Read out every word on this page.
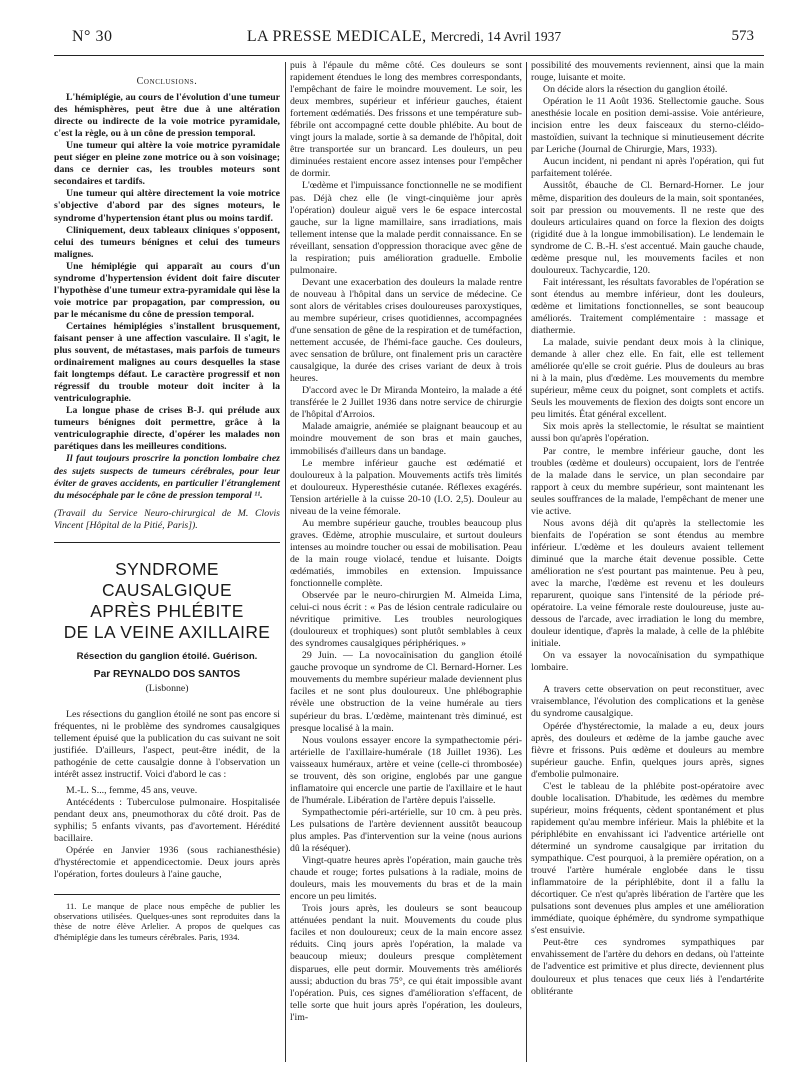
N° 30	LA PRESSE MEDICALE, Mercredi, 14 Avril 1937	573

Conclusions.

L'hémiplégie, au cours de l'évolution d'une tumeur des hémisphères, peut être due à une altération directe ou indirecte de la voie motrice pyramidale, c'est la règle, ou à un cône de pression temporal.

Une tumeur qui altère la voie motrice pyramidale peut siéger en pleine zone motrice ou à son voisinage; dans ce dernier cas, les troubles moteurs sont secondaires et tardifs.

Une tumeur qui altère directement la voie motrice s'objective d'abord par des signes moteurs, le syndrome d'hypertension étant plus ou moins tardif.

Cliniquement, deux tableaux cliniques s'opposent, celui des tumeurs bénignes et celui des tumeurs malignes.

Une hémiplégie qui apparaît au cours d'un syndrome d'hypertension évident doit faire discuter l'hypothèse d'une tumeur extra-pyramidale qui lèse la voie motrice par propagation, par compression, ou par le mécanisme du cône de pression temporal.

Certaines hémiplégies s'installent brusquement, faisant penser à une affection vasculaire. Il s'agit, le plus souvent, de métastases, mais parfois de tumeurs ordinairement malignes au cours desquelles la stase fait longtemps défaut. Le caractère progressif et non régressif du trouble moteur doit inciter à la ventriculographie.

La longue phase de crises B-J. qui prélude aux tumeurs bénignes doit permettre, grâce à la ventriculographie directe, d'opérer les malades non parétiques dans les meilleures conditions.

Il faut toujours proscrire la ponction lombaire chez des sujets suspects de tumeurs cérébrales, pour leur éviter de graves accidents, en particulier l'étranglement du mésocéphale par le cône de pression temporal ¹¹.

(Travail du Service Neuro-chirurgical de M. Clovis Vincent [Hôpital de la Pitié, Paris]).

SYNDROME CAUSALGIQUE

APRÈS PHLÉBITE

DE LA VEINE AXILLAIRE

Résection du ganglion étoilé. Guérison.

Par REYNALDO DOS SANTOS

(Lisbonne)

Les résections du ganglion étoilé ne sont pas encore si fréquentes, ni le problème des syndromes causalgiques tellement épuisé que la publication du cas suivant ne soit justifiée. D'ailleurs, l'aspect, peut-être inédit, de la pathogénie de cette causalgie donne à l'observation un intérêt assez instructif. Voici d'abord le cas :

M.-L. S..., femme, 45 ans, veuve.

Antécédents : Tuberculose pulmonaire. Hospitalisée pendant deux ans, pneumothorax du côté droit. Pas de syphilis; 5 enfants vivants, pas d'avortement. Hérédité bacillaire.

Opérée en Janvier 1936 (sous rachianesthésie) d'hystérectomie et appendicectomie. Deux jours après l'opération, fortes douleurs à l'aine gauche,

11. Le manque de place nous empêche de publier les observations utilisées. Quelques-unes sont reproduites dans la thèse de notre élève Arlelier. A propos de quelques cas d'hémiplégie dans les tumeurs cérébrales. Paris, 1934.

puis à l'épaule du même côté. Ces douleurs se sont rapidement étendues le long des membres correspondants, l'empêchant de faire le moindre mouvement. Le soir, les deux membres, supérieur et inférieur gauches, étaient fortement œdématiés. Des frissons et une température sub-fébrile ont accompagné cette double phlébite. Au bout de vingt jours la malade, sortie à sa demande de l'hôpital, doit être transportée sur un brancard. Les douleurs, un peu diminuées restaient encore assez intenses pour l'empêcher de dormir.

L'œdème et l'impuissance fonctionnelle ne se modifient pas. Déjà chez elle (le vingt-cinquième jour après l'opération) douleur aiguë vers le 6e espace intercostal gauche, sur la ligne mamillaire, sans irradiations, mais tellement intense que la malade perdit connaissance. En se réveillant, sensation d'oppression thoracique avec gêne de la respiration; puis amélioration graduelle. Embolie pulmonaire.

Devant une exacerbation des douleurs la malade rentre de nouveau à l'hôpital dans un service de médecine. Ce sont alors de véritables crises douloureuses paroxystiques, au membre supérieur, crises quotidiennes, accompagnées d'une sensation de gêne de la respiration et de tuméfaction, nettement accusée, de l'hémi-face gauche. Ces douleurs, avec sensation de brûlure, ont finalement pris un caractère causalgique, la durée des crises variant de deux à trois heures.

D'accord avec le Dr Miranda Monteiro, la malade a été transférée le 2 Juillet 1936 dans notre service de chirurgie de l'hôpital d'Arroios.

Malade amaigrie, anémiée se plaignant beaucoup et au moindre mouvement de son bras et main gauches, immobilisés d'ailleurs dans un bandage.

Le membre inférieur gauche est œdématié et douloureux à la palpation. Mouvements actifs très limités et douloureux. Hyperesthésie cutanée. Réflexes exagérés. Tension artérielle à la cuisse 20-10 (I.O. 2,5). Douleur au niveau de la veine fémorale.

Au membre supérieur gauche, troubles beaucoup plus graves. Œdème, atrophie musculaire, et surtout douleurs intenses au moindre toucher ou essai de mobilisation. Peau de la main rouge violacé, tendue et luisante. Doigts œdématiés, immobiles en extension. Impuissance fonctionnelle complète.

Observée par le neuro-chirurgien M. Almeida Lima, celui-ci nous écrit : « Pas de lésion centrale radiculaire ou névritique primitive. Les troubles neurologiques (douloureux et trophiques) sont plutôt semblables à ceux des syndromes causalgiques périphériques. »

29 Juin. — La novocaïnisation du ganglion étoilé gauche provoque un syndrome de Cl. Bernard-Horner. Les mouvements du membre supérieur malade deviennent plus faciles et ne sont plus douloureux. Une phlébographie révèle une obstruction de la veine humérale au tiers supérieur du bras. L'œdème, maintenant très diminué, est presque localisé à la main.

Nous voulons essayer encore la sympathectomie péri-artérielle de l'axillaire-humérale (18 Juillet 1936). Les vaisseaux huméraux, artère et veine (celle-ci thrombosée) se trouvent, dès son origine, englobés par une gangue inflamatoire qui encercle une partie de l'axillaire et le haut de l'humérale. Libération de l'artère depuis l'aisselle.

Sympathectomie péri-artérielle, sur 10 cm. à peu près. Les pulsations de l'artère deviennent aussitôt beaucoup plus amples. Pas d'intervention sur la veine (nous aurions dû la réséquer).

Vingt-quatre heures après l'opération, main gauche très chaude et rouge; fortes pulsations à la radiale, moins de douleurs, mais les mouvements du bras et de la main encore un peu limités.

Trois jours après, les douleurs se sont beaucoup atténuées pendant la nuit. Mouvements du coude plus faciles et non douloureux; ceux de la main encore assez réduits. Cinq jours après l'opération, la malade va beaucoup mieux; douleurs presque complètement disparues, elle peut dormir. Mouvements très améliorés aussi; abduction du bras 75°, ce qui était impossible avant l'opération. Puis, ces signes d'amélioration s'effacent, de telle sorte que huit jours après l'opération, les douleurs, l'im-

possibilité des mouvements reviennent, ainsi que la main rouge, luisante et moite.

On décide alors la résection du ganglion étoilé.

Opération le 11 Août 1936. Stellectomie gauche. Sous anesthésie locale en position demi-assise. Voie antérieure, incision entre les deux faisceaux du sterno-cléido-mastoïdien, suivant la technique si minutieusement décrite par Leriche (Journal de Chirurgie, Mars, 1933).

Aucun incident, ni pendant ni après l'opération, qui fut parfaitement tolérée.

Aussitôt, ébauche de Cl. Bernard-Horner. Le jour même, disparition des douleurs de la main, soit spontanées, soit par pression ou mouvements. Il ne reste que des douleurs articulaires quand on force la flexion des doigts (rigidité due à la longue immobilisation). Le lendemain le syndrome de C. B.-H. s'est accentué. Main gauche chaude, œdème presque nul, les mouvements faciles et non douloureux. Tachycardie, 120.

Fait intéressant, les résultats favorables de l'opération se sont étendus au membre inférieur, dont les douleurs, œdème et limitations fonctionnelles, se sont beaucoup améliorés. Traitement complémentaire : massage et diathermie.

La malade, suivie pendant deux mois à la clinique, demande à aller chez elle. En fait, elle est tellement améliorée qu'elle se croit guérie. Plus de douleurs au bras ni à la main, plus d'œdème. Les mouvements du membre supérieur, même ceux du poignet, sont complets et actifs. Seuls les mouvements de flexion des doigts sont encore un peu limités. État général excellent.

Six mois après la stellectomie, le résultat se maintient aussi bon qu'après l'opération.

Par contre, le membre inférieur gauche, dont les troubles (œdème et douleurs) occupaient, lors de l'entrée de la malade dans le service, un plan secondaire par rapport à ceux du membre supérieur, sont maintenant les seules souffrances de la malade, l'empêchant de mener une vie active.

Nous avons déjà dit qu'après la stellectomie les bienfaits de l'opération se sont étendus au membre inférieur. L'œdème et les douleurs avaient tellement diminué que la marche était devenue possible. Cette amélioration ne s'est pourtant pas maintenue. Peu à peu, avec la marche, l'œdème est revenu et les douleurs reparurent, quoique sans l'intensité de la période pré-opératoire. La veine fémorale reste douloureuse, juste au-dessous de l'arcade, avec irradiation le long du membre, douleur identique, d'après la malade, à celle de la phlébite initiale.

On va essayer la novocaïnisation du sympathique lombaire.

A travers cette observation on peut reconstituer, avec vraisemblance, l'évolution des complications et la genèse du syndrome causalgique.

Opérée d'hystérectomie, la malade a eu, deux jours après, des douleurs et œdème de la jambe gauche avec fièvre et frissons. Puis œdème et douleurs au membre supérieur gauche. Enfin, quelques jours après, signes d'embolie pulmonaire.

C'est le tableau de la phlébite post-opératoire avec double localisation. D'habitude, les œdèmes du membre supérieur, moins fréquents, cèdent spontanément et plus rapidement qu'au membre inférieur. Mais la phlébite et la périphlébite en envahissant ici l'adventice artérielle ont déterminé un syndrome causalgique par irritation du sympathique. C'est pourquoi, à la première opération, on a trouvé l'artère humérale englobée dans le tissu inflammatoire de la périphlébite, dont il a fallu la décortiquer. Ce n'est qu'après libération de l'artère que les pulsations sont devenues plus amples et une amélioration immédiate, quoique éphémère, du syndrome sympathique s'est ensuivie.

Peut-être ces syndromes sympathiques par envahissement de l'artère du dehors en dedans, où l'atteinte de l'adventice est primitive et plus directe, deviennent plus douloureux et plus tenaces que ceux liés à l'endartérite oblitérante
